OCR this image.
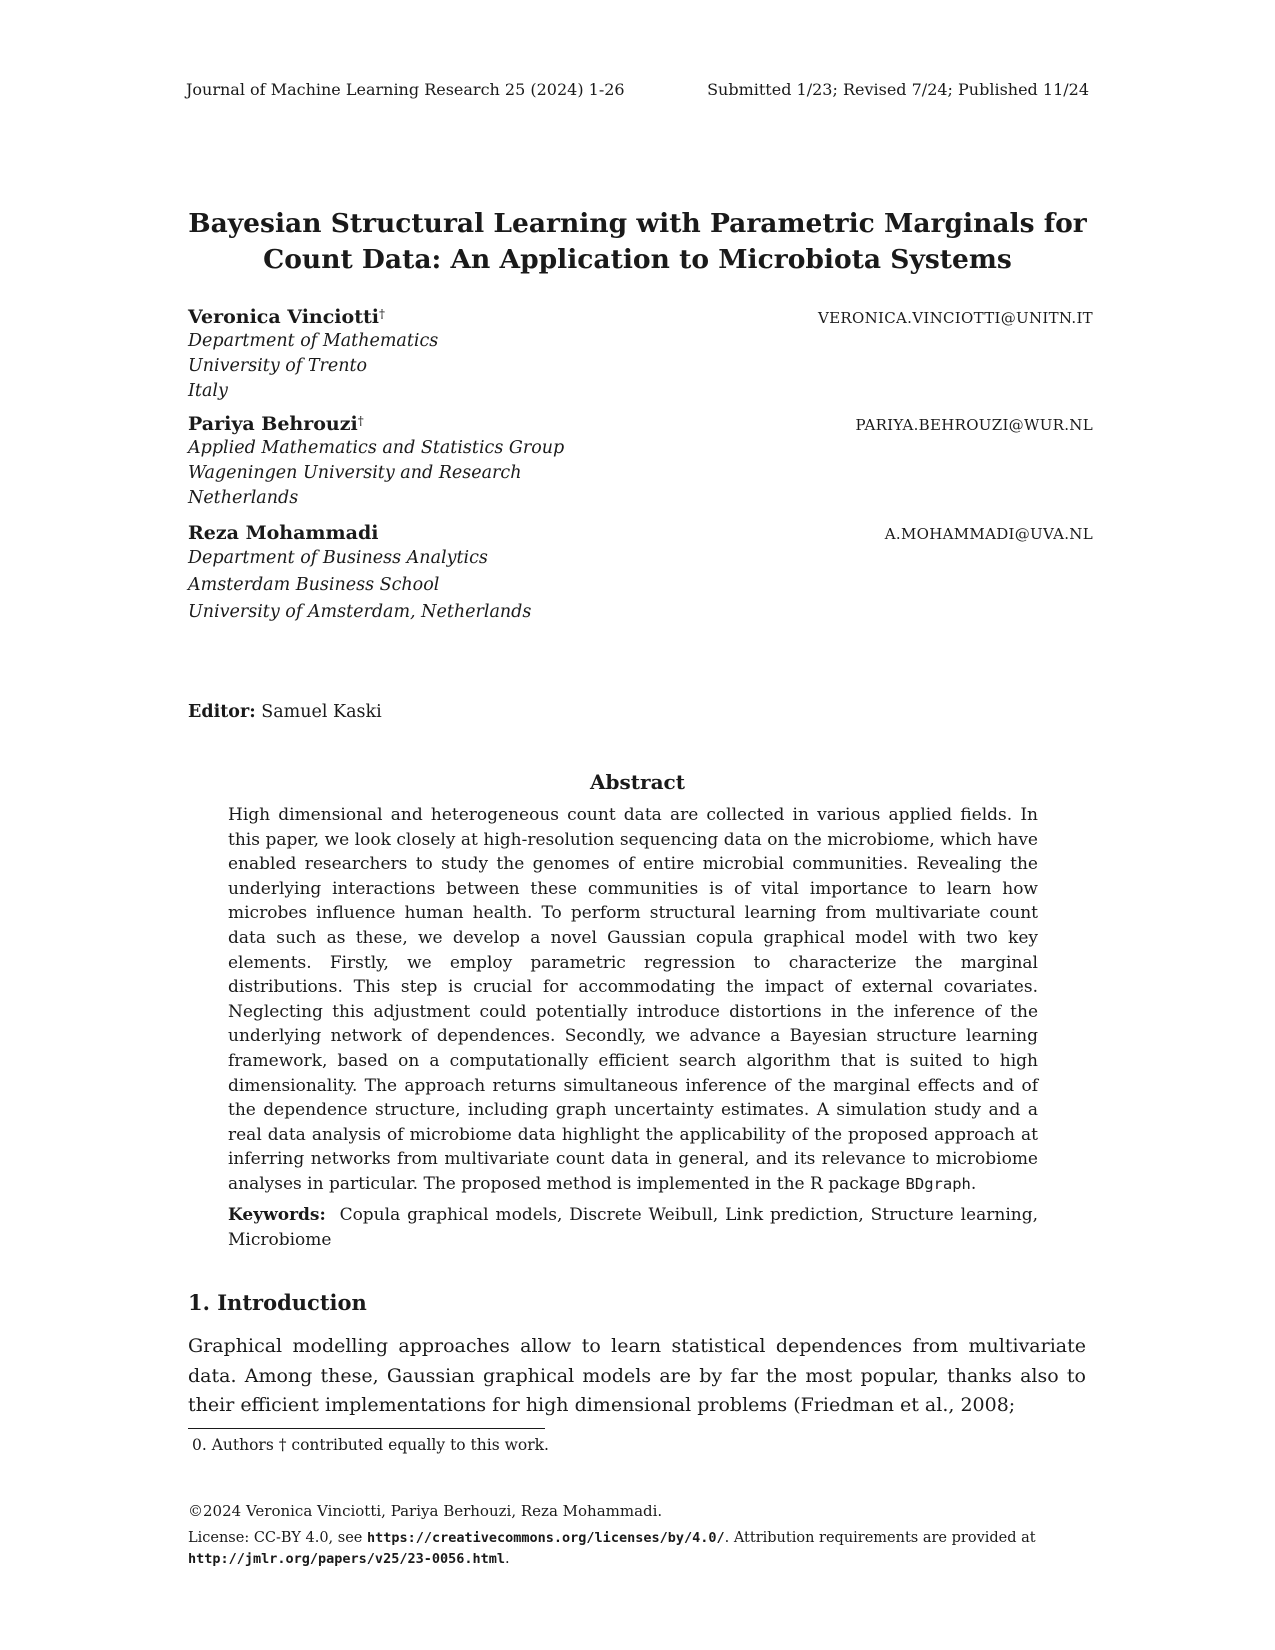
Journal of Machine Learning Research 25 (2024) 1-26	Submitted 1/23; Revised 7/24; Published 11/24
Bayesian Structural Learning with Parametric Marginals for
Count Data: An Application to Microbiota Systems
Veronica Vinciotti†	VERONICA.VINCIOTTI@UNITN.IT
Department of Mathematics
University of Trento
Italy
Pariya Behrouzi†	PARIYA.BEHROUZI@WUR.NL
Applied Mathematics and Statistics Group
Wageningen University and Research
Netherlands
Reza Mohammadi	A.MOHAMMADI@UVA.NL
Department of Business Analytics
Amsterdam Business School
University of Amsterdam, Netherlands
Editor: Samuel Kaski
Abstract
High dimensional and heterogeneous count data are collected in various applied fields. In this paper, we look closely at high-resolution sequencing data on the microbiome, which have enabled researchers to study the genomes of entire microbial communities. Revealing the underlying interactions between these communities is of vital importance to learn how microbes influence human health. To perform structural learning from multivariate count data such as these, we develop a novel Gaussian copula graphical model with two key elements. Firstly, we employ parametric regression to characterize the marginal distributions. This step is crucial for accommodating the impact of external covariates. Neglecting this adjustment could potentially introduce distortions in the inference of the underlying network of dependences. Secondly, we advance a Bayesian structure learning framework, based on a computationally efficient search algorithm that is suited to high dimensionality. The approach returns simultaneous inference of the marginal effects and of the dependence structure, including graph uncertainty estimates. A simulation study and a real data analysis of microbiome data highlight the applicability of the proposed approach at inferring networks from multivariate count data in general, and its relevance to microbiome analyses in particular. The proposed method is implemented in the R package BDgraph.
Keywords: Copula graphical models, Discrete Weibull, Link prediction, Structure learning, Microbiome
1. Introduction
Graphical modelling approaches allow to learn statistical dependences from multivariate data. Among these, Gaussian graphical models are by far the most popular, thanks also to their efficient implementations for high dimensional problems (Friedman et al., 2008;
0. Authors † contributed equally to this work.
©2024 Veronica Vinciotti, Pariya Berhouzi, Reza Mohammadi.
License: CC-BY 4.0, see https://creativecommons.org/licenses/by/4.0/. Attribution requirements are provided at http://jmlr.org/papers/v25/23-0056.html.
